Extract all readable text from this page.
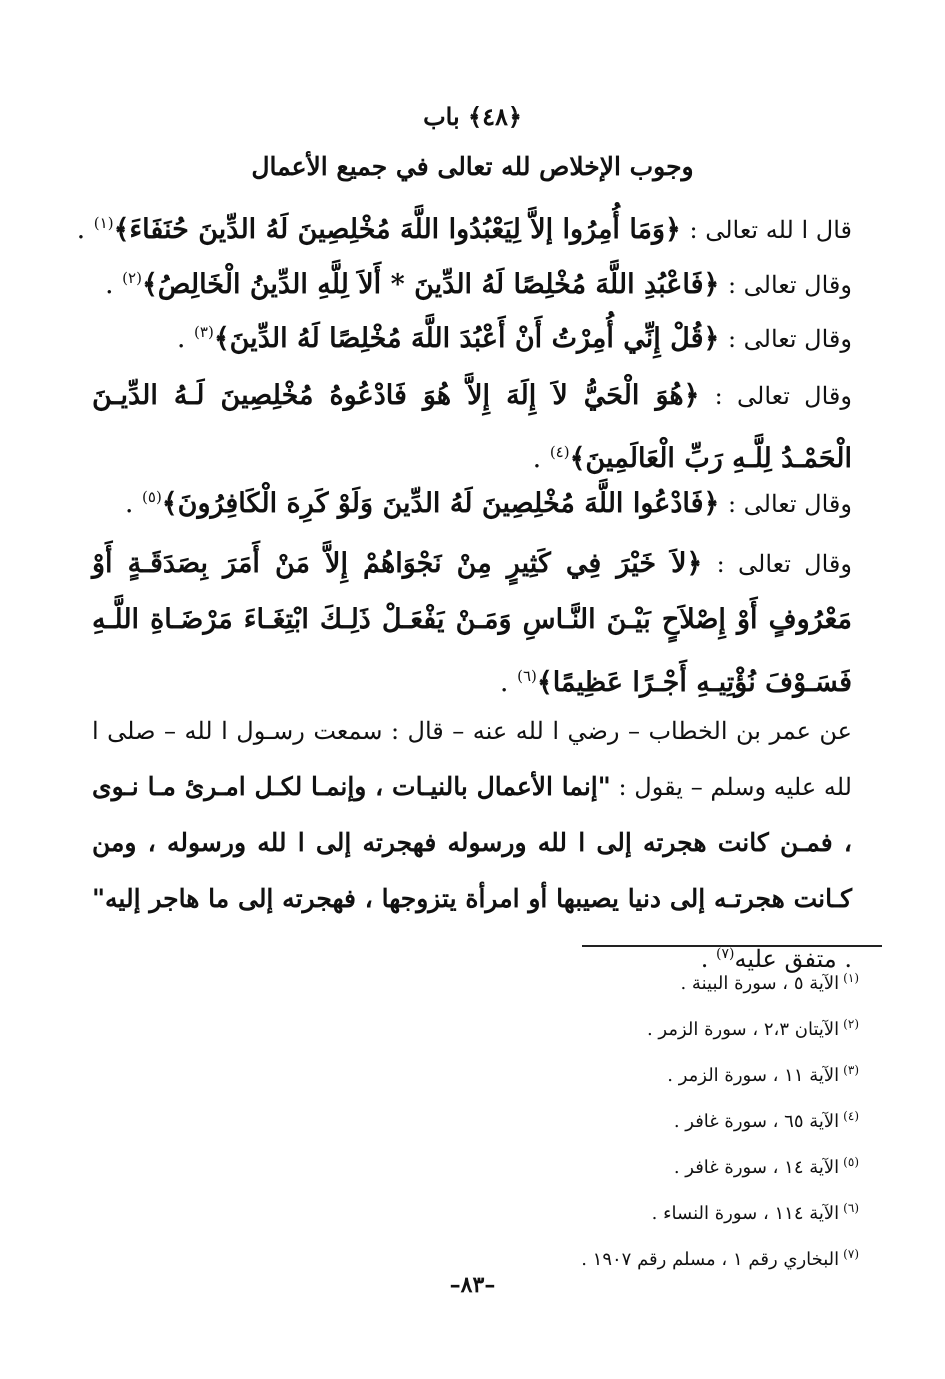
﴿٤٨﴾ باب
وجوب الإخلاص لله تعالى في جميع الأعمال
قال ا لله تعالى : ﴿وَمَا أُمِرُوا إلاَّ لِيَعْبُدُوا اللَّهَ مُخْلِصِينَ لَهُ الدِّينَ حُنَفَاءَ﴾$^{(١)}$ .
وقال تعالى : ﴿فَاعْبُدِ اللَّهَ مُخْلِصًا لَهُ الدِّينَ * أَلاَ لِلَّهِ الدِّينُ الْخَالِصُ﴾$^{(٢)}$ .
وقال تعالى : ﴿قُلْ إِنِّي أُمِرْتُ أَنْ أَعْبُدَ اللَّهَ مُخْلِصًا لَهُ الدِّينَ﴾$^{(٣)}$ .
وقال تعالى : ﴿هُوَ الْحَيُّ لاَ إِلَهَ إِلاَّ هُوَ فَادْعُوهُ مُخْلِصِينَ لَـهُ الدِّيـنَ الْحَمْـدُ لِلَّـهِ رَبِّ الْعَالَمِينَ﴾$^{(٤)}$ .
وقال تعالى : ﴿فَادْعُوا اللَّهَ مُخْلِصِينَ لَهُ الدِّينَ وَلَوْ كَرِهَ الْكَافِرُونَ﴾$^{(٥)}$ .
وقال تعالى : ﴿لاَ خَيْرَ فِي كَثِيرٍ مِنْ نَجْوَاهُمْ إِلاَّ مَنْ أَمَرَ بِصَدَقَـةٍ أَوْ مَعْرُوفٍ أَوْ إِصْلاَحٍ بَيْـنَ النَّـاسِ وَمَـنْ يَفْعَـلْ ذَلِـكَ ابْتِغَـاءَ مَرْضَـاةِ اللَّـهِ فَسَـوْفَ نُؤْتِيـهِ أَجْـرًا عَظِيمًا﴾$^{(٦)}$ .
عن عمر بن الخطاب – رضي ا لله عنه – قال : سمعت رسـول ا لله – صلى ا لله عليه وسلم – يقول : "إنما الأعمال بالنيـات ، وإنمـا لكـل امـرئ مـا نـوى ، فمـن كانت هجرته إلى ا لله ورسوله فهجرته إلى ا لله ورسوله ، ومن كـانت هجرتـه إلى دنيا يصيبها أو امرأة يتزوجها ، فهجرته إلى ما هاجر إليه" . متفق عليه$^{(٧)}$ .
$^{(١)}$الآية ٥ ، سورة البينة .
$^{(٢)}$الآيتان ٢،٣ ، سورة الزمر .
$^{(٣)}$الآية ١١ ، سورة الزمر .
$^{(٤)}$الآية ٦٥ ، سورة غافر .
$^{(٥)}$الآية ١٤ ، سورة غافر .
$^{(٦)}$الآية ١١٤ ، سورة النساء .
$^{(٧)}$البخاري رقم ١ ، مسلم رقم ١٩٠٧ .
–٨٣–
